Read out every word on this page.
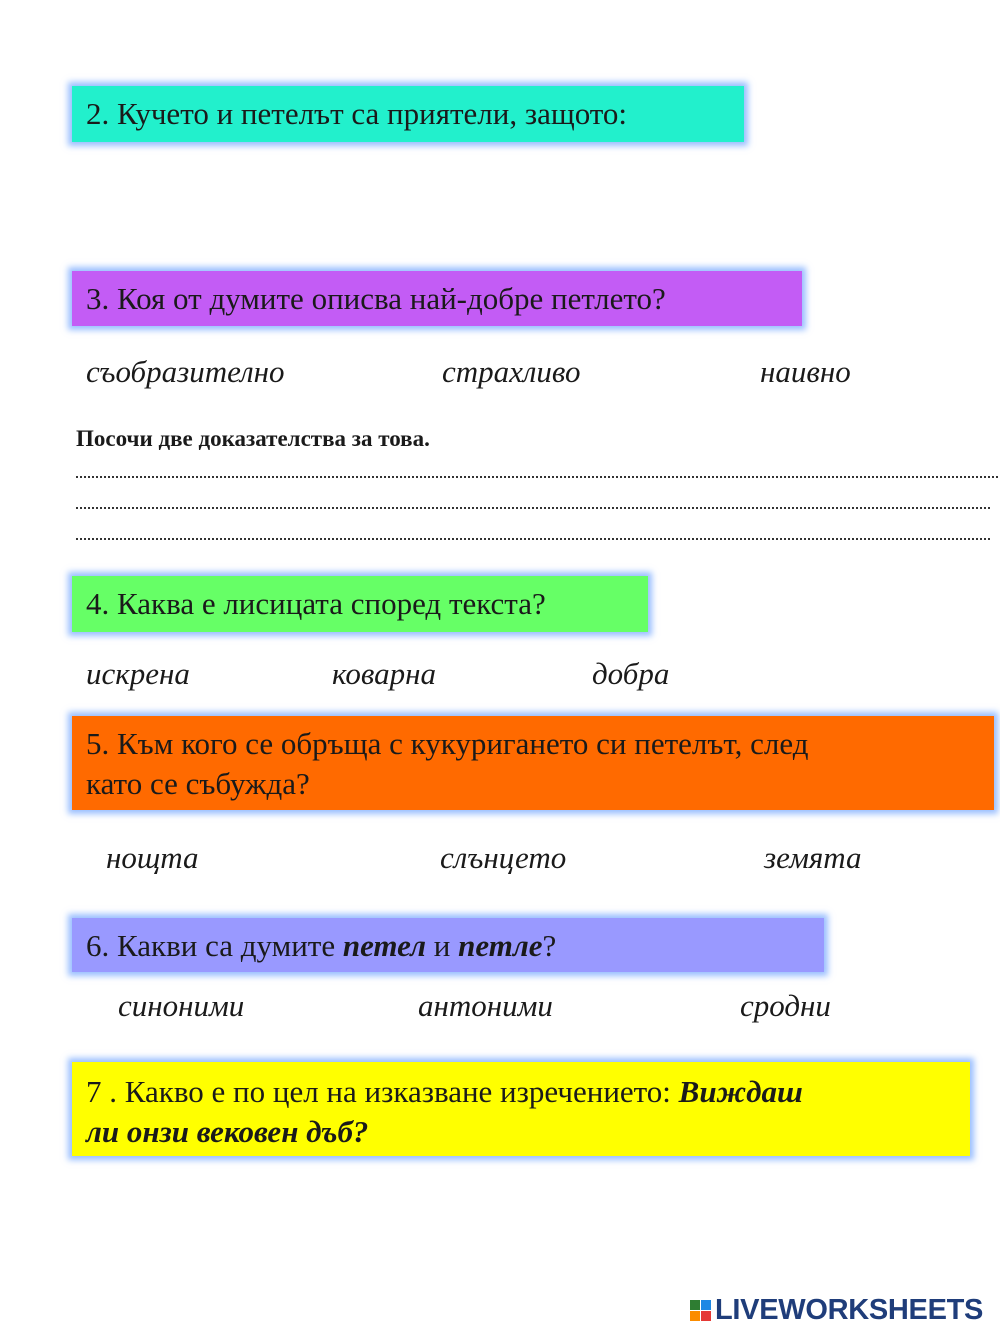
2. Кучето и петелът са приятели, защото:
3. Коя от думите описва най-добре петлето?
съобразително	страхливо	наивно
Посочи две доказателства за това.
4. Каква е лисицата според текста?
искрена	коварна	добра
5. Към кого се обръща с кукуригането си петелът, след
като се събужда?
нощта	слънцето	земята
6. Какви са думите петел и петле?
синоними	антоними	сродни
7 . Какво е по цел на изказване изречението: Виждаш
ли онзи вековен дъб?
LIVEWORKSHEETS
